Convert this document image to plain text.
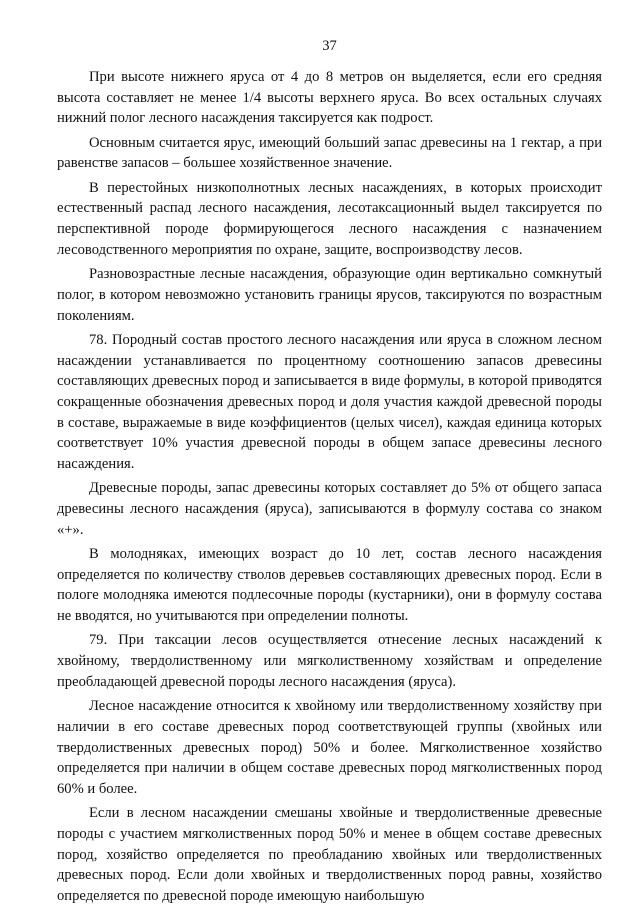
37

При высоте нижнего яруса от 4 до 8 метров он выделяется, если его средняя высота составляет не менее 1/4 высоты верхнего яруса. Во всех остальных случаях нижний полог лесного насаждения таксируется как подрост.

Основным считается ярус, имеющий больший запас древесины на 1 гектар, а при равенстве запасов – большее хозяйственное значение.

В перестойных низкополнотных лесных насаждениях, в которых происходит естественный распад лесного насаждения, лесотаксационный выдел таксируется по перспективной породе формирующегося лесного насаждения с назначением лесоводственного мероприятия по охране, защите, воспроизводству лесов.

Разновозрастные лесные насаждения, образующие один вертикально сомкнутый полог, в котором невозможно установить границы ярусов, таксируются по возрастным поколениям.

78. Породный состав простого лесного насаждения или яруса в сложном лесном насаждении устанавливается по процентному соотношению запасов древесины составляющих древесных пород и записывается в виде формулы, в которой приводятся сокращенные обозначения древесных пород и доля участия каждой древесной породы в составе, выражаемые в виде коэффициентов (целых чисел), каждая единица которых соответствует 10% участия древесной породы в общем запасе древесины лесного насаждения.

Древесные породы, запас древесины которых составляет до 5% от общего запаса древесины лесного насаждения (яруса), записываются в формулу состава со знаком «+».

В молодняках, имеющих возраст до 10 лет, состав лесного насаждения определяется по количеству стволов деревьев составляющих древесных пород. Если в пологе молодняка имеются подлесочные породы (кустарники), они в формулу состава не вводятся, но учитываются при определении полноты.

79. При таксации лесов осуществляется отнесение лесных насаждений к хвойному, твердолиственному или мягколиственному хозяйствам и определение преобладающей древесной породы лесного насаждения (яруса).

Лесное насаждение относится к хвойному или твердолиственному хозяйству при наличии в его составе древесных пород соответствующей группы (хвойных или твердолиственных древесных пород) 50% и более. Мягколиственное хозяйство определяется при наличии в общем составе древесных пород мягколиственных пород 60% и более.

Если в лесном насаждении смешаны хвойные и твердолиственные древесные породы с участием мягколиственных пород 50% и менее в общем составе древесных пород, хозяйство определяется по преобладанию хвойных или твердолиственных древесных пород. Если доли хвойных и твердолиственных пород равны, хозяйство определяется по древесной породе имеющую наибольшую
